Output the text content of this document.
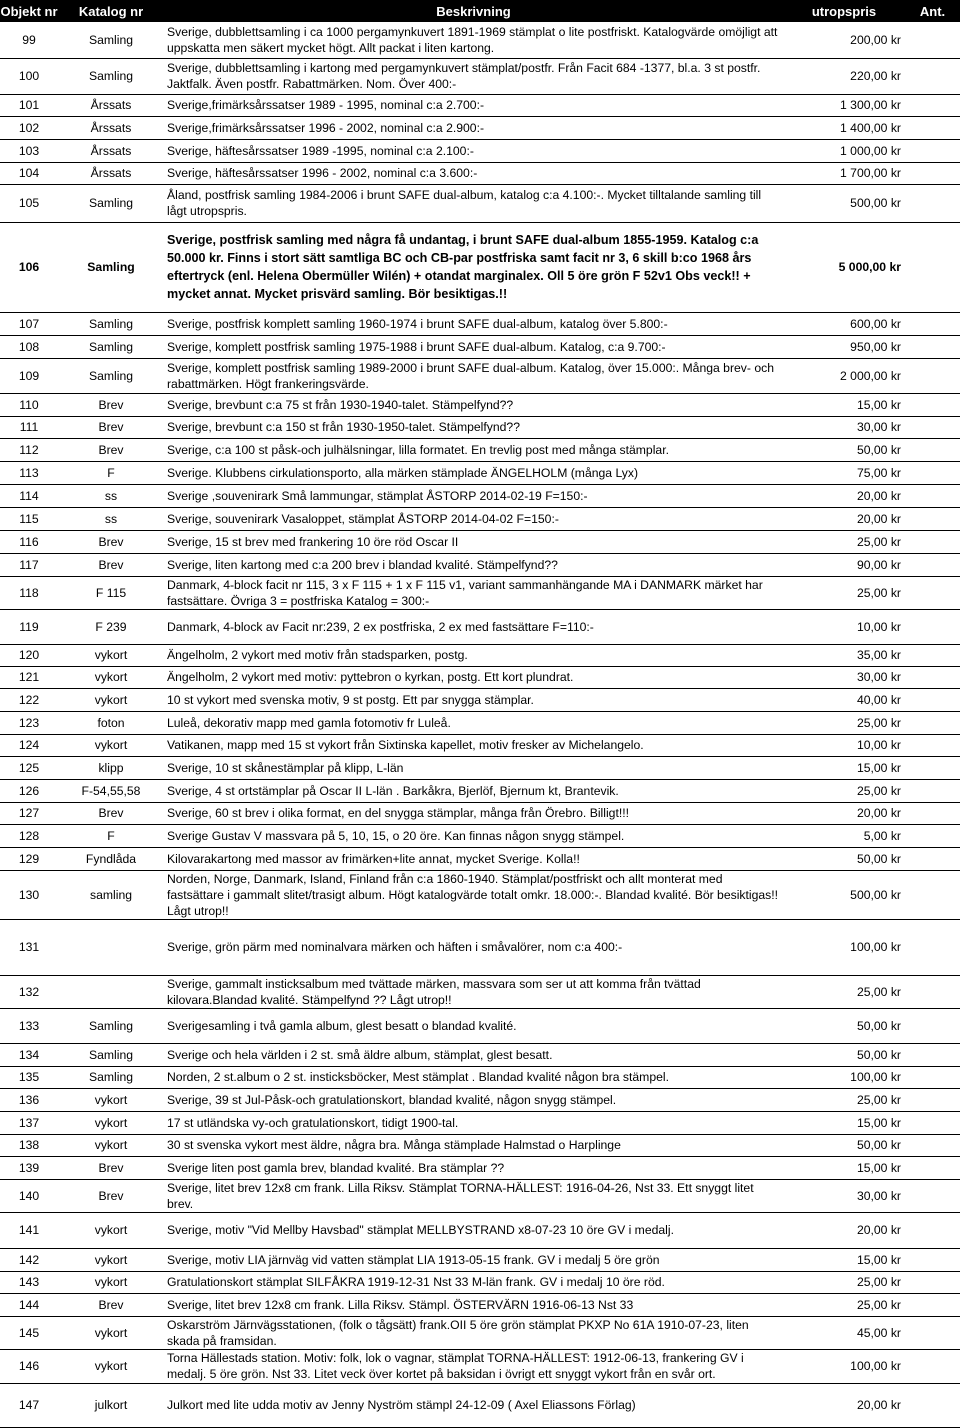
Objekt nr	Katalog nr	Beskrivning	utropspris	Ant.
99	Samling	Sverige, dubblettsamling i ca 1000 pergamynkuvert 1891-1969 stämplat o lite postfriskt. Katalogvärde omöjligt att uppskatta men säkert mycket högt. Allt packat i liten kartong.	200,00 kr	
100	Samling	Sverige, dubblettsamling i kartong med pergamynkuvert stämplat/postfr. Från Facit 684 -1377, bl.a. 3 st postfr. Jaktfalk. Även postfr. Rabattmärken. Nom. Över 400:-	220,00 kr	
101	Årssats	Sverige,frimärksårssatser 1989 - 1995, nominal c:a 2.700:-	1 300,00 kr	
102	Årssats	Sverige,frimärksårssatser 1996 - 2002, nominal c:a 2.900:-	1 400,00 kr	
103	Årssats	Sverige, häftesårssatser 1989 -1995, nominal c:a 2.100:-	1 000,00 kr	
104	Årssats	Sverige, häftesårssatser 1996 - 2002, nominal c:a 3.600:-	1 700,00 kr	
105	Samling	Åland, postfrisk samling 1984-2006 i brunt SAFE dual-album, katalog c:a 4.100:-. Mycket tilltalande samling till lågt utropspris.	500,00 kr	
106	Samling	Sverige, postfrisk samling med några få undantag, i brunt SAFE dual-album 1855-1959. Katalog c:a 50.000 kr. Finns i stort sätt samtliga BC och CB-par postfriska samt facit nr 3, 6 skill b:co 1968 års eftertryck (enl. Helena Obermüller Wilén) + otandat marginalex. Oll 5 öre grön F 52v1 Obs veck!! + mycket annat. Mycket prisvärd samling. Bör besiktigas.!!	5 000,00 kr	
107	Samling	Sverige, postfrisk komplett samling 1960-1974 i brunt SAFE dual-album, katalog över 5.800:-	600,00 kr	
108	Samling	Sverige, komplett postfrisk samling 1975-1988 i brunt SAFE dual-album. Katalog, c:a 9.700:-	950,00 kr	
109	Samling	Sverige, komplett postfrisk samling 1989-2000 i brunt SAFE dual-album. Katalog, över 15.000:. Många brev- och rabattmärken. Högt frankeringsvärde.	2 000,00 kr	
110	Brev	Sverige, brevbunt c:a 75 st från 1930-1940-talet. Stämpelfynd??	15,00 kr	
111	Brev	Sverige, brevbunt c:a 150 st från 1930-1950-talet. Stämpelfynd??	30,00 kr	
112	Brev	Sverige, c:a 100 st påsk-och julhälsningar, lilla formatet. En trevlig post med många stämplar.	50,00 kr	
113	F	Sverige. Klubbens cirkulationsporto, alla märken stämplade ÄNGELHOLM (många Lyx)	75,00 kr	
114	ss	Sverige ,souvenirark Små lammungar, stämplat ÅSTORP 2014-02-19 F=150:-	20,00 kr	
115	ss	Sverige, souvenirark Vasaloppet, stämplat ÅSTORP 2014-04-02 F=150:-	20,00 kr	
116	Brev	Sverige, 15 st brev med frankering 10 öre röd Oscar II	25,00 kr	
117	Brev	Sverige, liten kartong med c:a 200 brev i blandad kvalité. Stämpelfynd??	90,00 kr	
118	F 115	Danmark, 4-block facit nr 115, 3 x F 115 + 1 x F 115 v1, variant sammanhängande MA i DANMARK märket har fastsättare. Övriga 3 = postfriska Katalog = 300:-	25,00 kr	
119	F 239	Danmark, 4-block av Facit nr:239, 2 ex postfriska, 2 ex med fastsättare F=110:-	10,00 kr	
120	vykort	Ängelholm, 2 vykort med motiv från stadsparken, postg.	35,00 kr	
121	vykort	Ängelholm, 2 vykort med motiv: pyttebron o kyrkan, postg. Ett kort plundrat.	30,00 kr	
122	vykort	10 st vykort med svenska motiv, 9 st postg. Ett par snygga stämplar.	40,00 kr	
123	foton	Luleå, dekorativ mapp med gamla fotomotiv fr Luleå.	25,00 kr	
124	vykort	Vatikanen, mapp med 15 st vykort från Sixtinska kapellet, motiv fresker av Michelangelo.	10,00 kr	
125	klipp	Sverige, 10 st skånestämplar på klipp, L-län	15,00 kr	
126	F-54,55,58	Sverige, 4 st ortstämplar på Oscar II L-län . Barkåkra, Bjerlöf, Bjernum kt, Brantevik.	25,00 kr	
127	Brev	Sverige, 60 st brev i olika format, en del snygga stämplar, många från Örebro. Billigt!!!	20,00 kr	
128	F	Sverige Gustav V massvara på 5, 10, 15, o 20 öre. Kan finnas någon snygg stämpel.	5,00 kr	
129	Fyndlåda	Kilovarakartong med massor av frimärken+lite annat, mycket Sverige. Kolla!!	50,00 kr	
130	samling	Norden, Norge, Danmark, Island, Finland från c:a 1860-1940. Stämplat/postfriskt och allt monterat med fastsättare i gammalt slitet/trasigt album. Högt katalogvärde totalt omkr. 18.000:-. Blandad kvalité. Bör besiktigas!! Lågt utrop!!	500,00 kr	
131		Sverige, grön pärm med nominalvara märken och häften i småvalörer, nom c:a 400:-	100,00 kr	
132		Sverige, gammalt insticksalbum med tvättade märken, massvara som ser ut att komma från tvättad kilovara.Blandad kvalité. Stämpelfynd ?? Lågt utrop!!	25,00 kr	
133	Samling	Sverigesamling i två gamla album, glest besatt o blandad kvalité.	50,00 kr	
134	Samling	Sverige och hela världen i 2 st. små äldre album, stämplat, glest besatt.	50,00 kr	
135	Samling	Norden, 2 st.album o 2 st. insticksböcker, Mest stämplat . Blandad kvalité någon bra stämpel.	100,00 kr	
136	vykort	Sverige, 39 st Jul-Påsk-och gratulationskort, blandad kvalité, någon snygg stämpel.	25,00 kr	
137	vykort	17 st utländska vy-och gratulationskort, tidigt 1900-tal.	15,00 kr	
138	vykort	30 st svenska vykort mest äldre, några bra. Många stämplade Halmstad o Harplinge	50,00 kr	
139	Brev	Sverige liten post gamla brev, blandad kvalité. Bra stämplar ??	15,00 kr	
140	Brev	Sverige, litet brev 12x8 cm frank. Lilla Riksv. Stämplat TORNA-HÄLLEST: 1916-04-26, Nst 33. Ett snyggt litet brev.	30,00 kr	
141	vykort	Sverige, motiv "Vid Mellby Havsbad" stämplat MELLBYSTRAND x8-07-23 10 öre GV i medalj.	20,00 kr	
142	vykort	Sverige, motiv LIA järnväg vid vatten stämplat LIA 1913-05-15 frank. GV i medalj 5 öre grön	15,00 kr	
143	vykort	Gratulationskort stämplat SILFÅKRA 1919-12-31 Nst 33 M-län frank. GV i medalj 10 öre röd.	25,00 kr	
144	Brev	Sverige, litet brev 12x8 cm frank. Lilla Riksv. Stämpl. ÖSTERVÄRN 1916-06-13 Nst 33	25,00 kr	
145	vykort	Oskarström Järnvägsstationen, (folk o tågsätt) frank.OII 5 öre grön stämplat PKXP No 61A 1910-07-23, liten skada på framsidan.	45,00 kr	
146	vykort	Torna Hällestads station. Motiv: folk, lok o vagnar, stämplat TORNA-HÄLLEST: 1912-06-13, frankering GV i medalj. 5 öre grön. Nst 33. Litet veck över kortet på baksidan i övrigt ett snyggt vykort från en svår ort.	100,00 kr	
147	julkort	Julkort med lite udda motiv av Jenny Nyström stämpl 24-12-09 ( Axel Eliassons Förlag)	20,00 kr	
